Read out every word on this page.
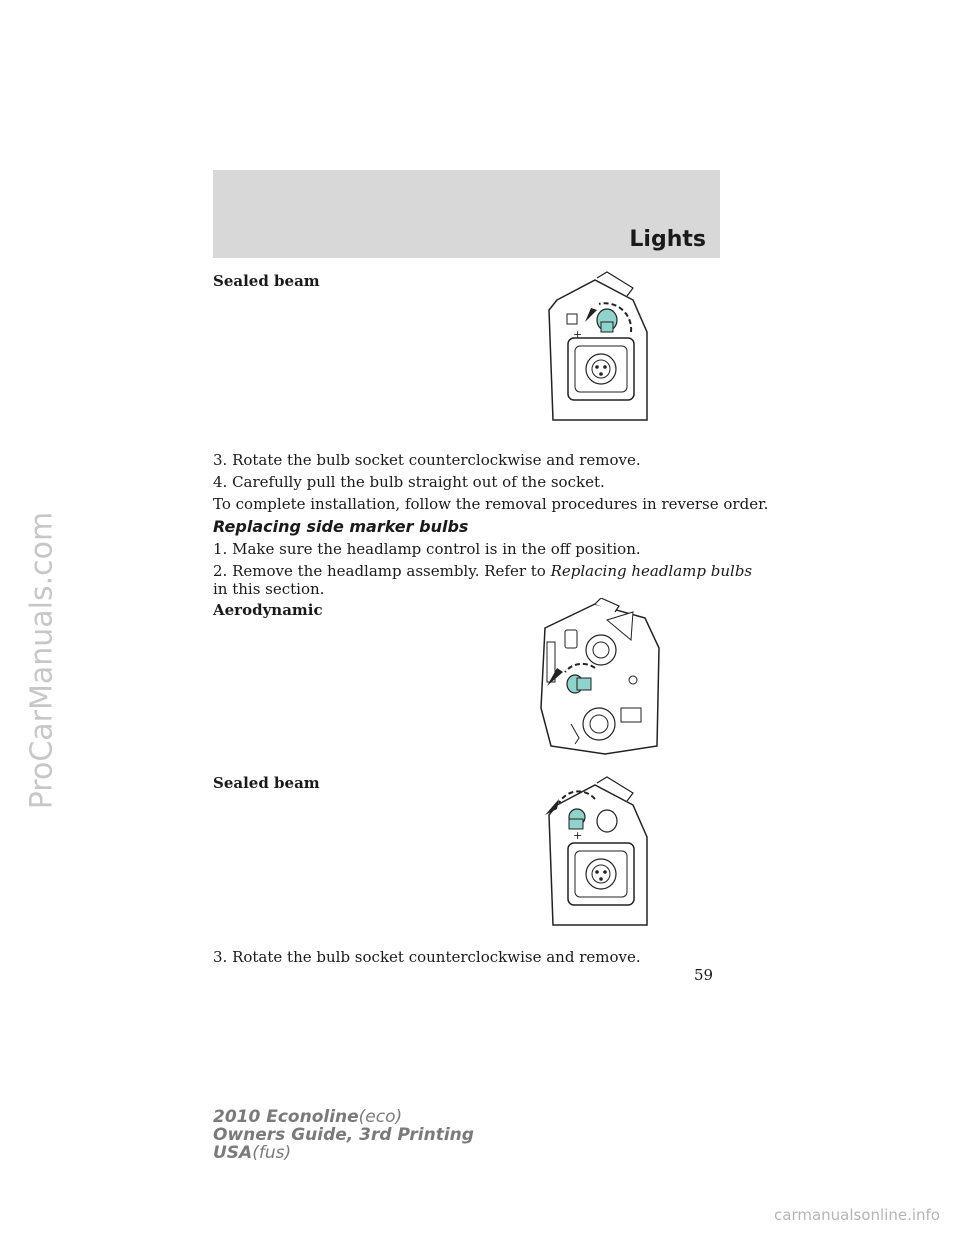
ProCarManuals.com
Lights
Sealed beam
+
3. Rotate the bulb socket counterclockwise and remove.
4. Carefully pull the bulb straight out of the socket.
To complete installation, follow the removal procedures in reverse order.
Replacing side marker bulbs
1. Make sure the headlamp control is in the off position.
2. Remove the headlamp assembly. Refer to Replacing headlamp bulbs
in this section.
Aerodynamic
Sealed beam
+
3. Rotate the bulb socket counterclockwise and remove.
59
2010 Econoline(eco)
Owners Guide, 3rd Printing
USA(fus)
carmanualsonline.info
